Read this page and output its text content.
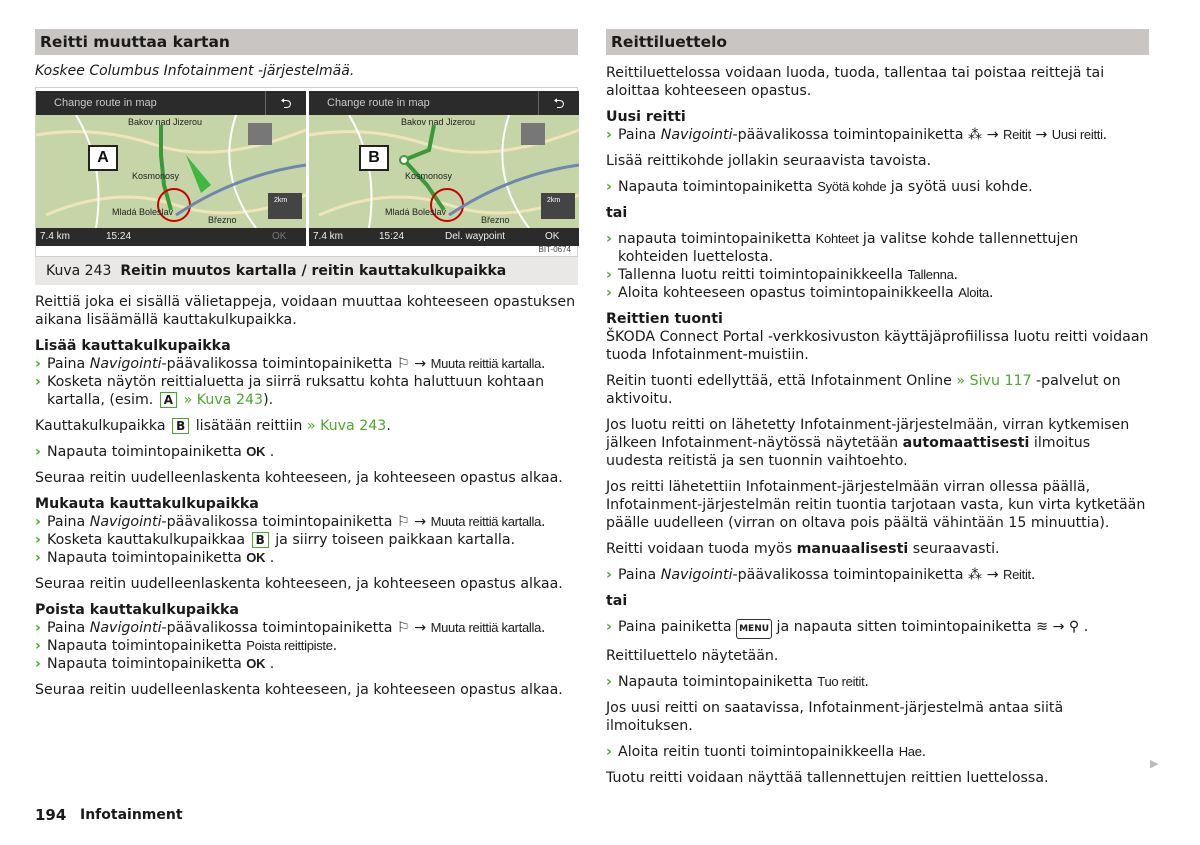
Reitti muuttaa kartan
Koskee Columbus Infotainment -järjestelmää.
Change route in map	⮌
A
Bakov nad Jizerou
Kosmonosy
Mladá Boleslav
Březno
2km
7.4 km	15:24	OK
Change route in map	⮌
B
Bakov nad Jizerou
Kosmonosy
Mladá Boleslav
Březno
2km
7.4 km	15:24	Del. waypoint	OK
BIT-0674
Kuva 243 Reitin muutos kartalla / reitin kauttakulkupaikka

Reittiä joka ei sisällä välietappeja, voidaan muuttaa kohteeseen opastuksen aikana lisäämällä kauttakulkupaikka.

Lisää kauttakulkupaikka
› Paina Navigointi-päävalikossa toimintopainiketta ⚐ → Muuta reittiä kartalla.
› Kosketa näytön reittialuetta ja siirrä ruksattu kohta haluttuun kohtaan kartalla, (esim. A » Kuva 243).

Kauttakulkupaikka B lisätään reittiin » Kuva 243.

› Napauta toimintopainiketta OK .

Seuraa reitin uudelleenlaskenta kohteeseen, ja kohteeseen opastus alkaa.

Mukauta kauttakulkupaikka
› Paina Navigointi-päävalikossa toimintopainiketta ⚐ → Muuta reittiä kartalla.
› Kosketa kauttakulkupaikkaa B ja siirry toiseen paikkaan kartalla.
› Napauta toimintopainiketta OK .

Seuraa reitin uudelleenlaskenta kohteeseen, ja kohteeseen opastus alkaa.

Poista kauttakulkupaikka
› Paina Navigointi-päävalikossa toimintopainiketta ⚐ → Muuta reittiä kartalla.
› Napauta toimintopainiketta Poista reittipiste.
› Napauta toimintopainiketta OK .

Seuraa reitin uudelleenlaskenta kohteeseen, ja kohteeseen opastus alkaa.

Reittiluettelo

Reittiluettelossa voidaan luoda, tuoda, tallentaa tai poistaa reittejä tai aloittaa kohteeseen opastus.

Uusi reitti
› Paina Navigointi-päävalikossa toimintopainiketta ⁂ → Reitit → Uusi reitti.

Lisää reittikohde jollakin seuraavista tavoista.

› Napauta toimintopainiketta Syötä kohde ja syötä uusi kohde.

tai

› napauta toimintopainiketta Kohteet ja valitse kohde tallennettujen kohteiden luettelosta.
› Tallenna luotu reitti toimintopainikkeella Tallenna.
› Aloita kohteeseen opastus toimintopainikkeella Aloita.
Reittien tuonti

ŠKODA Connect Portal -verkkosivuston käyttäjäprofiilissa luotu reitti voidaan tuoda Infotainment-muistiin.

Reitin tuonti edellyttää, että Infotainment Online » Sivu 117 -palvelut on aktivoitu.

Jos luotu reitti on lähetetty Infotainment-järjestelmään, virran kytkemisen jälkeen Infotainment-näytössä näytetään automaattisesti ilmoitus uudesta reitistä ja sen tuonnin vaihtoehto.

Jos reitti lähetettiin Infotainment-järjestelmään virran ollessa päällä, Infotainment-järjestelmän reitin tuontia tarjotaan vasta, kun virta kytketään päälle uudelleen (virran on oltava pois päältä vähintään 15 minuuttia).

Reitti voidaan tuoda myös manuaalisesti seuraavasti.

› Paina Navigointi-päävalikossa toimintopainiketta ⁂ → Reitit.

tai

› Paina painiketta MENU ja napauta sitten toimintopainiketta ≋ → ⚲ .

Reittiluettelo näytetään.

› Napauta toimintopainiketta Tuo reitit.

Jos uusi reitti on saatavissa, Infotainment-järjestelmä antaa siitä ilmoituksen.

› Aloita reitin tuonti toimintopainikkeella Hae.

Tuotu reitti voidaan näyttää tallennettujen reittien luettelossa.

194 Infotainment
▶
